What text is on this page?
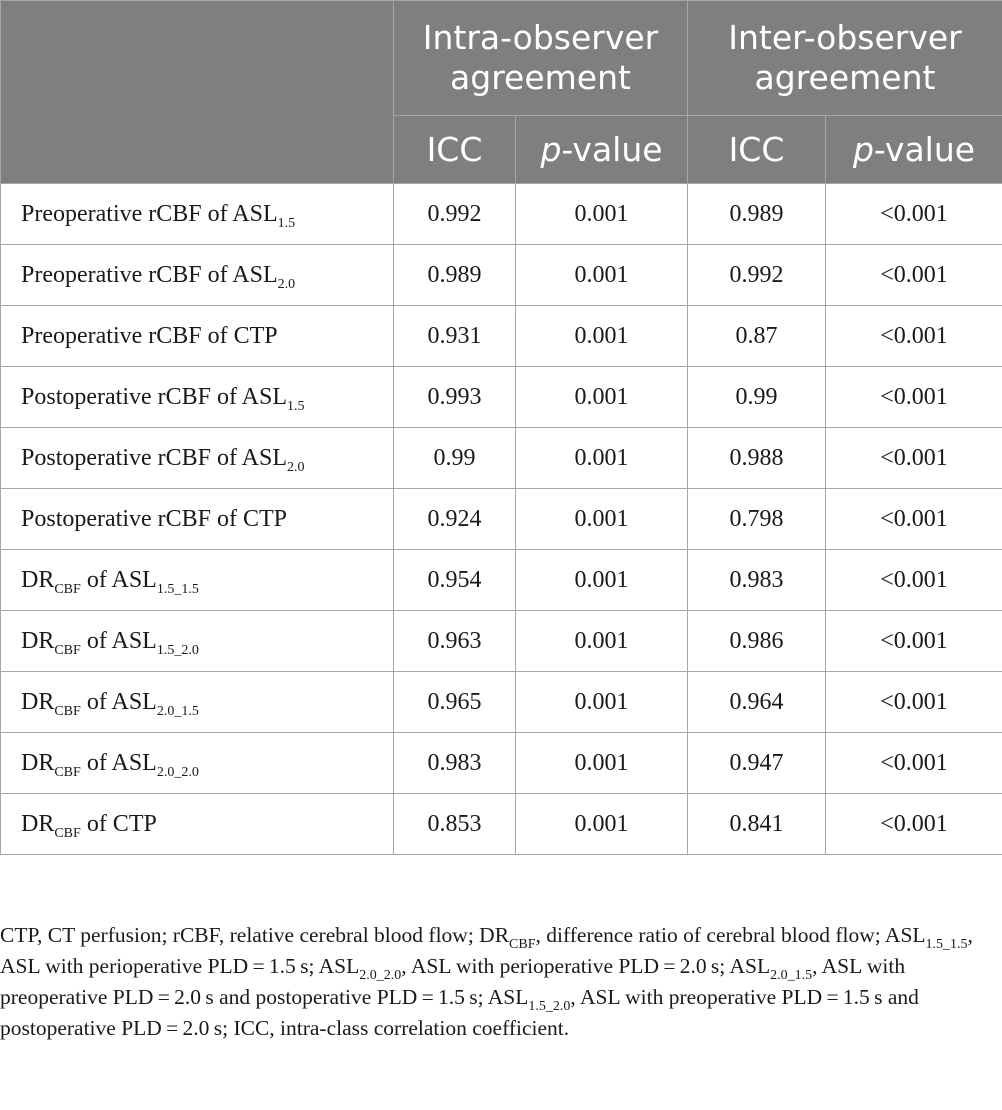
	Intra-observer agreement		Inter-observer agreement	
	ICC	p-value	ICC	p-value
Preoperative rCBF of $ASL_{1.5}$	0.992	0.001	0.989	<0.001
Preoperative rCBF of $ASL_{2.0}$	0.989	0.001	0.992	<0.001
Preoperative rCBF of CTP	0.931	0.001	0.87	<0.001
Postoperative rCBF of $ASL_{1.5}$	0.993	0.001	0.99	<0.001
Postoperative rCBF of $ASL_{2.0}$	0.99	0.001	0.988	<0.001
Postoperative rCBF of CTP	0.924	0.001	0.798	<0.001
$DR_{CBF}$ of $ASL_{1.5\_1.5}$	0.954	0.001	0.983	<0.001
$DR_{CBF}$ of $ASL_{1.5\_2.0}$	0.963	0.001	0.986	<0.001
$DR_{CBF}$ of $ASL_{2.0\_1.5}$	0.965	0.001	0.964	<0.001
$DR_{CBF}$ of $ASL_{2.0\_2.0}$	0.983	0.001	0.947	<0.001
$DR_{CBF}$ of CTP	0.853	0.001	0.841	<0.001
CTP, CT perfusion; rCBF, relative cerebral blood flow; $DR_{CBF}$, difference ratio of cerebral blood flow; $ASL_{1.5\_1.5}$, ASL with perioperative PLD = 1.5 s; $ASL_{2.0\_2.0}$, ASL with perioperative PLD = 2.0 s; $ASL_{2.0\_1.5}$, ASL with preoperative PLD = 2.0 s and postoperative PLD = 1.5 s; $ASL_{1.5\_2.0}$, ASL with preoperative PLD = 1.5 s and postoperative PLD = 2.0 s; ICC, intra-class correlation coefficient.
